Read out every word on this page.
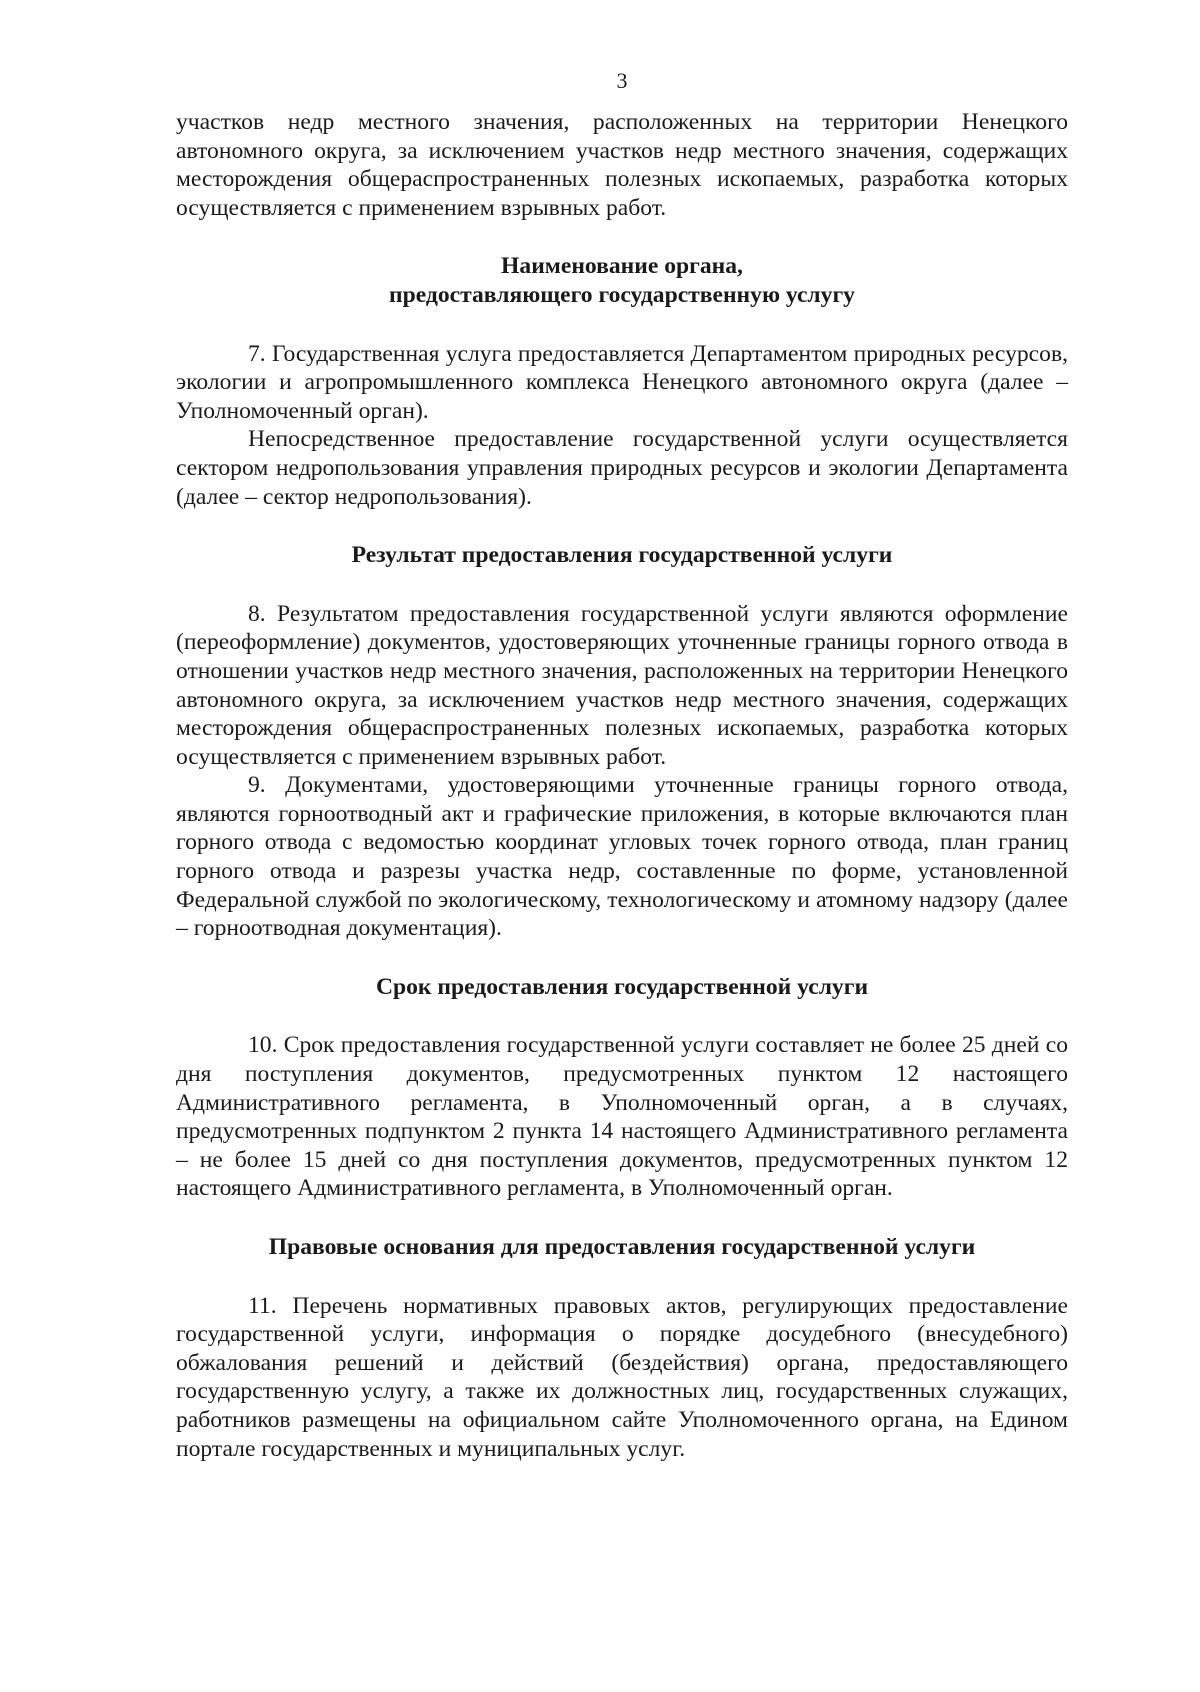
3

участков недр местного значения, расположенных на территории Ненецкого автономного округа, за исключением участков недр местного значения, содержащих месторождения общераспространенных полезных ископаемых, разработка которых осуществляется с применением взрывных работ.

Наименование органа,

предоставляющего государственную услугу

7. Государственная услуга предоставляется Департаментом природных ресурсов, экологии и агропромышленного комплекса Ненецкого автономного округа (далее – Уполномоченный орган).

Непосредственное предоставление государственной услуги осуществляется сектором недропользования управления природных ресурсов и экологии Департамента (далее – сектор недропользования).

Результат предоставления государственной услуги

8. Результатом предоставления государственной услуги являются оформление (переоформление) документов, удостоверяющих уточненные границы горного отвода в отношении участков недр местного значения, расположенных на территории Ненецкого автономного округа, за исключением участков недр местного значения, содержащих месторождения общераспространенных полезных ископаемых, разработка которых осуществляется с применением взрывных работ.

9. Документами, удостоверяющими уточненные границы горного отвода, являются горноотводный акт и графические приложения, в которые включаются план горного отвода с ведомостью координат угловых точек горного отвода, план границ горного отвода и разрезы участка недр, составленные по форме, установленной Федеральной службой по экологическому, технологическому и атомному надзору (далее – горноотводная документация).

Срок предоставления государственной услуги

10. Срок предоставления государственной услуги составляет не более 25 дней со дня поступления документов, предусмотренных пунктом 12 настоящего Административного регламента, в Уполномоченный орган, а в случаях, предусмотренных подпунктом 2 пункта 14 настоящего Административного регламента – не более 15 дней со дня поступления документов, предусмотренных пунктом 12 настоящего Административного регламента, в Уполномоченный орган.

Правовые основания для предоставления государственной услуги

11. Перечень нормативных правовых актов, регулирующих предоставление государственной услуги, информация о порядке досудебного (внесудебного) обжалования решений и действий (бездействия) органа, предоставляющего государственную услугу, а также их должностных лиц, государственных служащих, работников размещены на официальном сайте Уполномоченного органа, на Едином портале государственных и муниципальных услуг.
